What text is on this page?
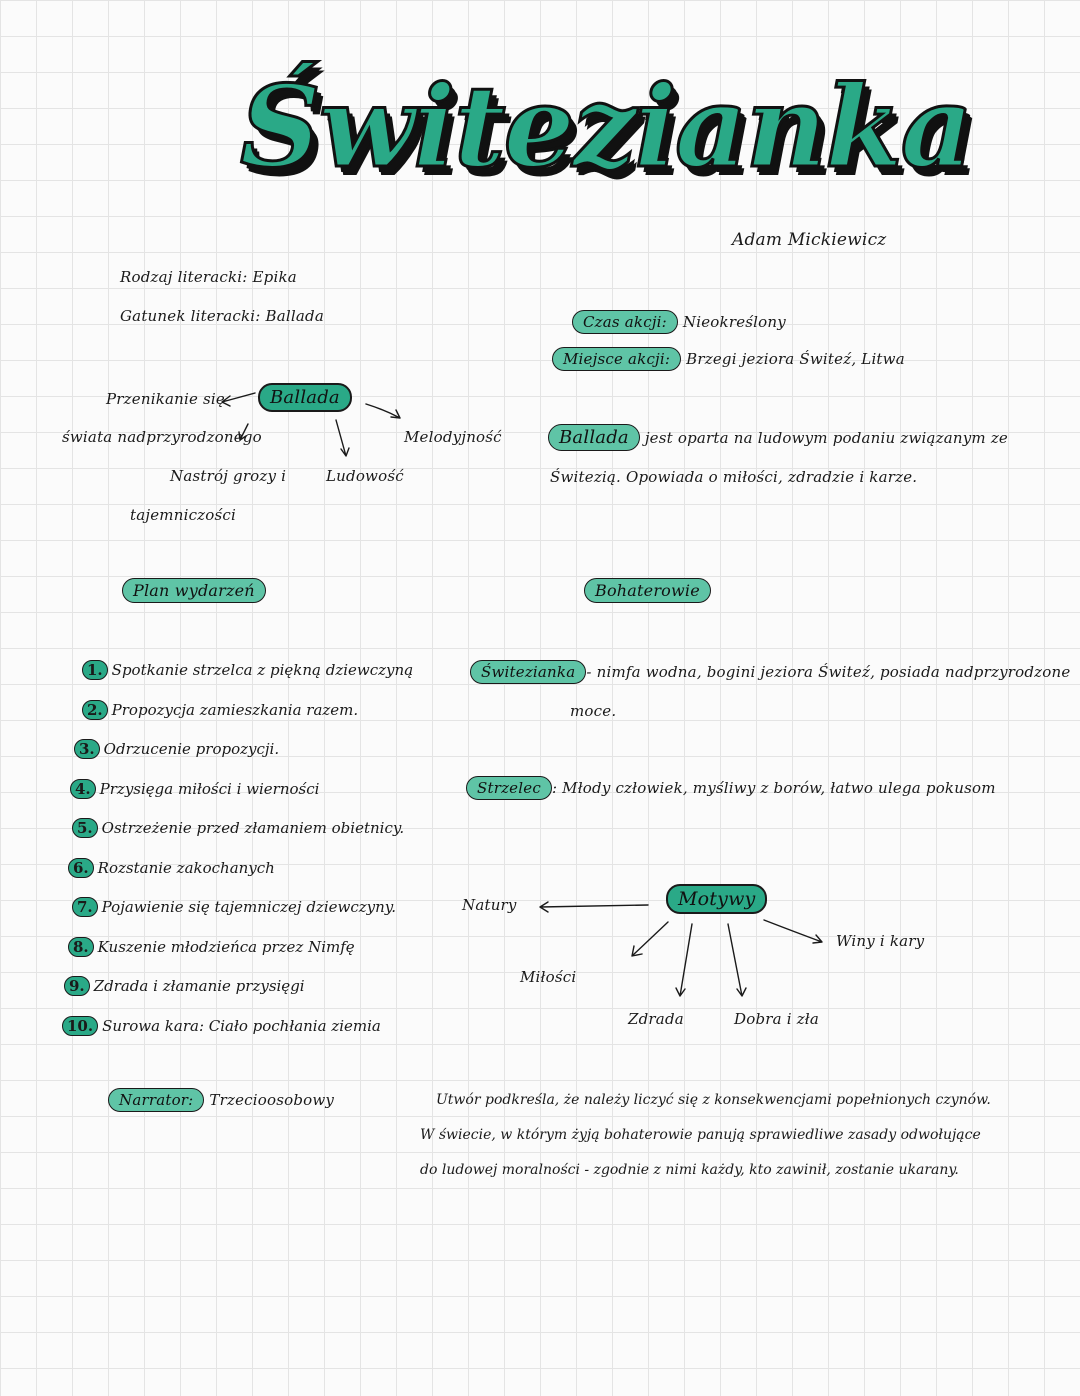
Świtezianka
Adam Mickiewicz
Rodzaj literacki: Epika
Gatunek literacki: Ballada	Czas akcji: Nieokreślony
Miejsce akcji: Brzegi jeziora Świteź, Litwa
Ballada
Przenikanie się
świata nadprzyrodzonego
Nastrój grozy i
tajemniczości
Ludowość
Melodyjność	Ballada jest oparta na ludowym podaniu związanym ze
Świtezią. Opowiada o miłości, zdradzie i karze.
Plan wydarzeń
1. Spotkanie strzelca z piękną dziewczyną
2. Propozycja zamieszkania razem.
3. Odrzucenie propozycji.
4. Przysięga miłości i wierności
5. Ostrzeżenie przed złamaniem obietnicy.
6. Rozstanie zakochanych
7. Pojawienie się tajemniczej dziewczyny.
8. Kuszenie młodzieńca przez Nimfę
9. Zdrada i złamanie przysięgi
10. Surowa kara: Ciało pochłania ziemia
Bohaterowie
Świtezianka - nimfa wodna, bogini jeziora Świteź, posiada nadprzyrodzone
moce.
Strzelec : Młody człowiek, myśliwy z borów, łatwo ulega pokusom
Motywy
Natury
Winy i kary
Miłości
Zdrada	Dobra i zła
Narrator: Trzecioosobowy	Utwór podkreśla, że należy liczyć się z konsekwencjami popełnionych czynów.
W świecie, w którym żyją bohaterowie panują sprawiedliwe zasady odwołujące
do ludowej moralności - zgodnie z nimi każdy, kto zawinił, zostanie ukarany.
